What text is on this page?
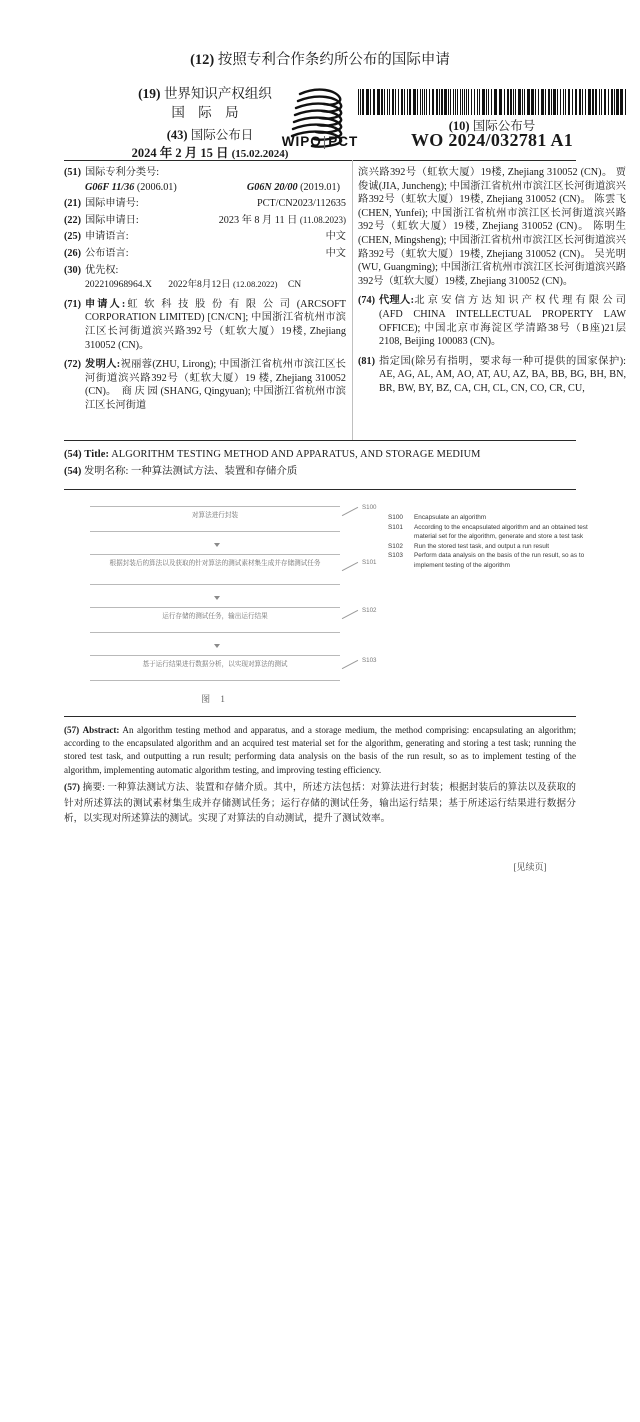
(12) 按照专利合作条约所公布的国际申请
(19) 世界知识产权组织
国 际 局
(43) 国际公布日
2024 年 2 月 15 日 (15.02.2024)
WIPO|PCT
(10) 国际公布号
WO 2024/032781 A1
(51) 国际专利分类号:
G06F 11/36 (2006.01)	G06N 20/00 (2019.01)
(21) 国际申请号:	PCT/CN2023/112635
(22) 国际申请日:	2023 年 8 月 11 日 (11.08.2023)
(25) 申请语言:	中文
(26) 公布语言:	中文
(30) 优先权:
202210968964.X 2022年8月12日 (12.08.2022) CN
(71) 申请人:虹 软 科 技 股 份 有 限 公 司 (ARCSOFT CORPORATION LIMITED) [CN/CN]; 中国浙江省杭州市滨江区长河街道滨兴路392号（虹软大厦）19楼, Zhejiang 310052 (CN)。
(72) 发明人:祝丽蓉(ZHU, Lirong); 中国浙江省杭州市滨江区长河街道滨兴路392号（虹软大厦）19 楼, Zhejiang 310052 (CN)。　商 庆 园 (SHANG, Qingyuan); 中国浙江省杭州市滨江区长河街道
滨兴路392号（虹软大厦）19楼, Zhejiang 310052 (CN)。 贾俊诚(JIA, Juncheng); 中国浙江省杭州市滨江区长河街道滨兴路392号（虹软大厦）19楼, Zhejiang 310052 (CN)。 陈雲飞(CHEN, Yunfei); 中国浙江省杭州市滨江区长河街道滨兴路392号（虹软大厦）19楼, Zhejiang 310052 (CN)。 陈明生(CHEN, Mingsheng); 中国浙江省杭州市滨江区长河街道滨兴路392号（虹软大厦）19楼, Zhejiang 310052 (CN)。 吴光明(WU, Guangming); 中国浙江省杭州市滨江区长河街道滨兴路392号（虹软大厦）19楼, Zhejiang 310052 (CN)。
(74) 代理人:北 京 安 信 方 达 知 识 产 权 代 理 有 限 公 司(AFD CHINA INTELLECTUAL PROPERTY LAW OFFICE); 中国北京市海淀区学清路38号（B座)21层2108, Beijing 100083 (CN)。
(81) 指定国(除另有指明，要求每一种可提供的国家保护): AE, AG, AL, AM, AO, AT, AU, AZ, BA, BB, BG, BH, BN, BR, BW, BY, BZ, CA, CH, CL, CN, CO, CR, CU,
(54) Title: ALGORITHM TESTING METHOD AND APPARATUS, AND STORAGE MEDIUM
(54) 发明名称: 一种算法测试方法、装置和存储介质
对算法进行封装
根据封装后的算法以及获取的针对算法的测试素材集生成并存储测试任务
运行存储的测试任务，输出运行结果
基于运行结果进行数据分析，以实现对算法的测试
S100
S101
S102
S103
图 1
S100	Encapsulate an algorithm
S101	According to the encapsulated algorithm and an obtained test material set for the algorithm, generate and store a test task
S102	Run the stored test task, and output a run result
S103	Perform data analysis on the basis of the run result, so as to implement testing of the algorithm
(57) Abstract: An algorithm testing method and apparatus, and a storage medium, the method comprising: encapsulating an algorithm; according to the encapsulated algorithm and an acquired test material set for the algorithm, generating and storing a test task; running the stored test task, and outputting a run result; performing data analysis on the basis of the run result, so as to implement testing of the algorithm, implementing automatic algorithm testing, and improving testing efficiency.
(57) 摘要: 一种算法测试方法、装置和存储介质。其中，所述方法包括：对算法进行封装；根据封装后的算法以及获取的针对所述算法的测试素材集生成并存储测试任务；运行存储的测试任务，输出运行结果；基于所述运行结果进行数据分析，以实现对所述算法的测试。实现了对算法的自动测试，提升了测试效率。
[见续页]
